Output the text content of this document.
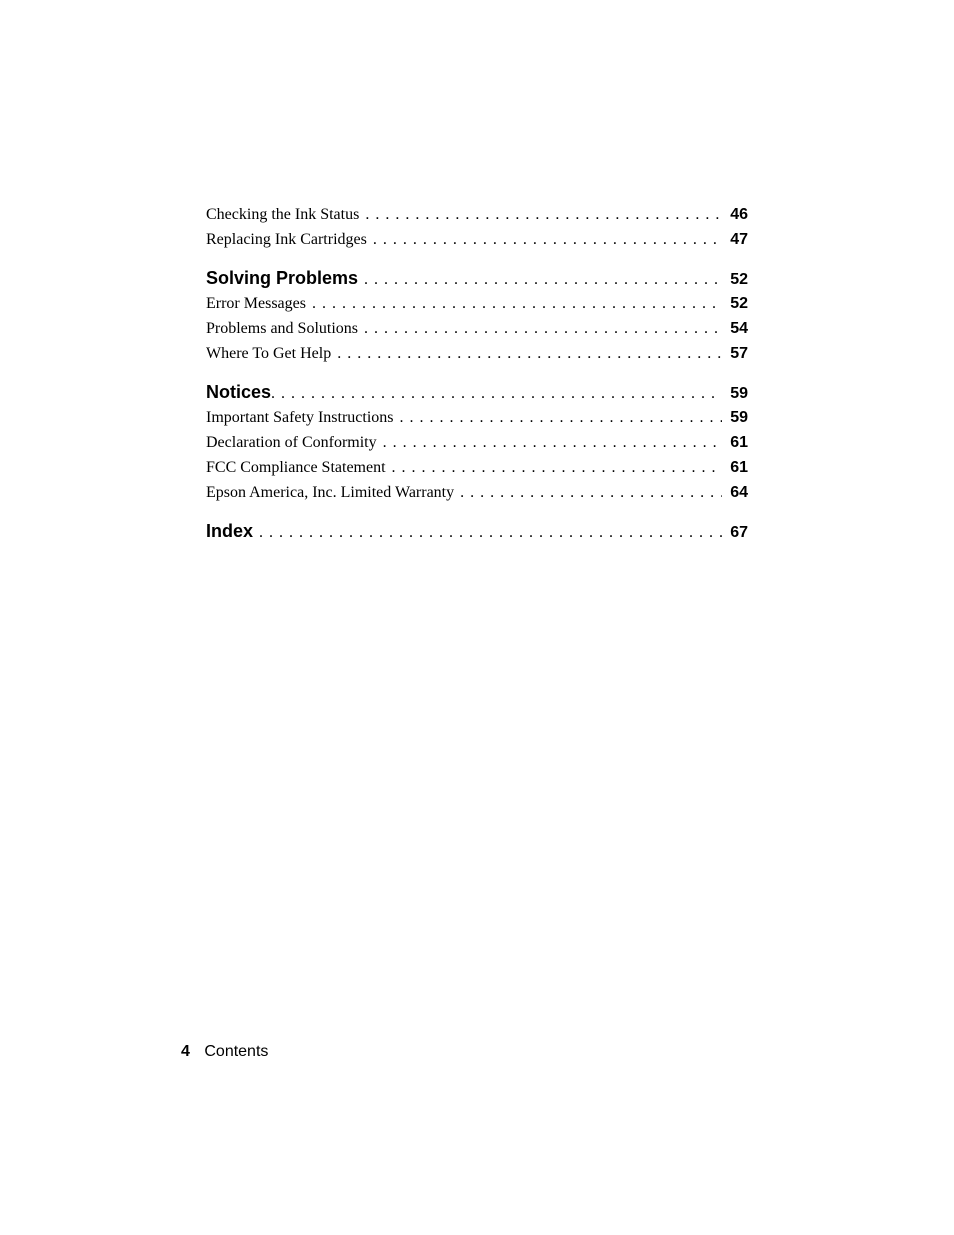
Checking the Ink Status . . .	46
Replacing Ink Cartridges . . .	47
Solving Problems . . .	52
Error Messages . . .	52
Problems and Solutions . . .	54
Where To Get Help . . .	57
Notices . . .	59
Important Safety Instructions . . .	59
Declaration of Conformity . . .	61
FCC Compliance Statement . . .	61
Epson America, Inc. Limited Warranty . . .	64
Index . . .	67
4 Contents
